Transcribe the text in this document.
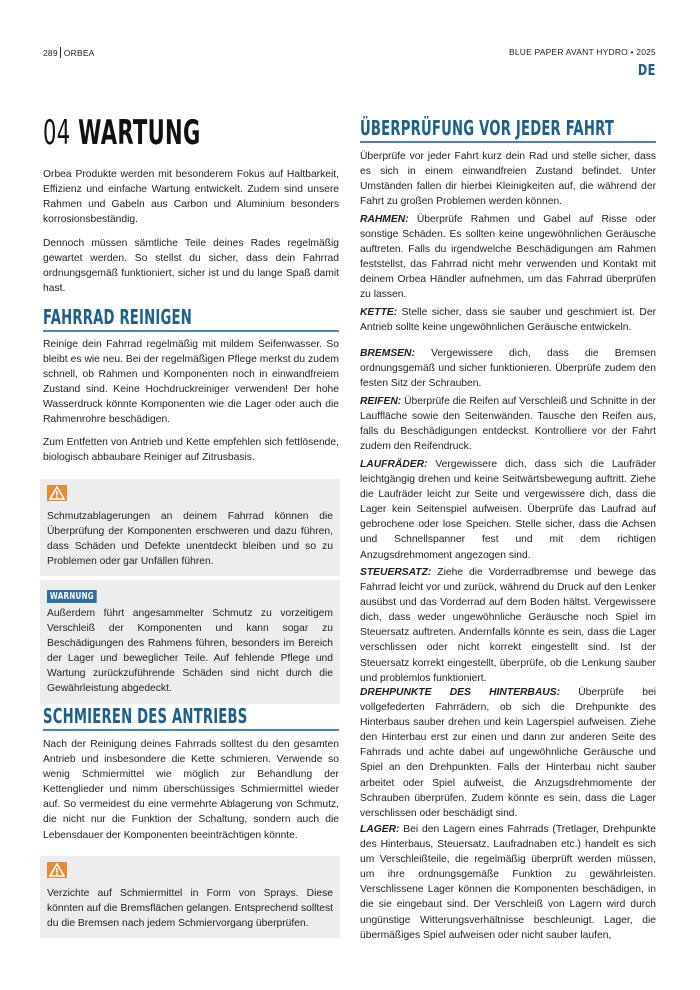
289 ORBEA	BLUE PAPER AVANT HYDRO • 2025
DE
04 WARTUNG

Orbea Produkte werden mit besonderem Fokus auf Haltbarkeit, Effizienz und einfache Wartung entwickelt. Zudem sind unsere Rahmen und Gabeln aus Carbon und Aluminium besonders korrosionsbeständig.

Dennoch müssen sämtliche Teile deines Rades regelmäßig gewartet werden. So stellst du sicher, dass dein Fahrrad ordnungsgemäß funktioniert, sicher ist und du lange Spaß damit hast.

FAHRRAD REINIGEN

Reinige dein Fahrrad regelmäßig mit mildem Seifenwasser. So bleibt es wie neu. Bei der regelmäßigen Pflege merkst du zudem schnell, ob Rahmen und Komponenten noch in einwandfreiem Zustand sind. Keine Hochdruckreiniger verwenden! Der hohe Wasserdruck könnte Komponenten wie die Lager oder auch die Rahmenrohre beschädigen.

Zum Entfetten von Antrieb und Kette empfehlen sich fettlösende, biologisch abbaubare Reiniger auf Zitrusbasis.

Schmutzablagerungen an deinem Fahrrad können die Überprüfung der Komponenten erschweren und dazu führen, dass Schäden und Defekte unentdeckt bleiben und so zu Problemen oder gar Unfällen führen.

WARNUNG

Außerdem führt angesammelter Schmutz zu vorzeitigem Verschleiß der Komponenten und kann sogar zu Beschädigungen des Rahmens führen, besonders im Bereich der Lager und beweglicher Teile. Auf fehlende Pflege und Wartung zurückzuführende Schäden sind nicht durch die Gewährleistung abgedeckt.

SCHMIEREN DES ANTRIEBS

Nach der Reinigung deines Fahrrads solltest du den gesamten Antrieb und insbesondere die Kette schmieren. Verwende so wenig Schmiermittel wie möglich zur Behandlung der Kettenglieder und nimm überschüssiges Schmiermittel wieder auf. So vermeidest du eine vermehrte Ablagerung von Schmutz, die nicht nur die Funktion der Schaltung, sondern auch die Lebensdauer der Komponenten beeinträchtigen könnte.

Verzichte auf Schmiermittel in Form von Sprays. Diese könnten auf die Bremsflächen gelangen. Entsprechend solltest du die Bremsen nach jedem Schmiervorgang überprüfen.

ÜBERPRÜFUNG VOR JEDER FAHRT

Überprüfe vor jeder Fahrt kurz dein Rad und stelle sicher, dass es sich in einem einwandfreien Zustand befindet. Unter Umständen fallen dir hierbei Kleinigkeiten auf, die während der Fahrt zu großen Problemen werden können.

RAHMEN: Überprüfe Rahmen und Gabel auf Risse oder sonstige Schäden. Es sollten keine ungewöhnlichen Geräusche auftreten. Falls du irgendwelche Beschädigungen am Rahmen feststellst, das Fahrrad nicht mehr verwenden und Kontakt mit deinem Orbea Händler aufnehmen, um das Fahrrad überprüfen zu lassen.

KETTE: Stelle sicher, dass sie sauber und geschmiert ist. Der Antrieb sollte keine ungewöhnlichen Geräusche entwickeln.

BREMSEN: Vergewissere dich, dass die Bremsen ordnungsgemäß und sicher funktionieren. Überprüfe zudem den festen Sitz der Schrauben.

REIFEN: Überprüfe die Reifen auf Verschleiß und Schnitte in der Lauffläche sowie den Seitenwänden. Tausche den Reifen aus, falls du Beschädigungen entdeckst. Kontrolliere vor der Fahrt zudem den Reifendruck.

LAUFRÄDER: Vergewissere dich, dass sich die Laufräder leichtgängig drehen und keine Seitwärtsbewegung auftritt. Ziehe die Laufräder leicht zur Seite und vergewissere dich, dass die Lager kein Seitenspiel aufweisen. Überprüfe das Laufrad auf gebrochene oder lose Speichen. Stelle sicher, dass die Achsen und Schnellspanner fest und mit dem richtigen Anzugsdrehmoment angezogen sind.

STEUERSATZ: Ziehe die Vorderradbremse und bewege das Fahrrad leicht vor und zurück, während du Druck auf den Lenker ausübst und das Vorderrad auf dem Boden hältst. Vergewissere dich, dass weder ungewöhnliche Geräusche noch Spiel im Steuersatz auftreten. Andernfalls könnte es sein, dass die Lager verschlissen oder nicht korrekt eingestellt sind. Ist der Steuersatz korrekt eingestellt, überprüfe, ob die Lenkung sauber und problemlos funktioniert.

DREHPUNKTE DES HINTERBAUS: Überprüfe bei vollgefederten Fahrrädern, ob sich die Drehpunkte des Hinterbaus sauber drehen und kein Lagerspiel aufweisen. Ziehe den Hinterbau erst zur einen und dann zur anderen Seite des Fahrrads und achte dabei auf ungewöhnliche Geräusche und Spiel an den Drehpunkten. Falls der Hinterbau nicht sauber arbeitet oder Spiel aufweist, die Anzugsdrehmomente der Schrauben überprüfen. Zudem könnte es sein, dass die Lager verschlissen oder beschädigt sind.

LAGER: Bei den Lagern eines Fahrrads (Tretlager, Drehpunkte des Hinterbaus, Steuersatz, Laufradnaben etc.) handelt es sich um Verschleißteile, die regelmäßig überprüft werden müssen, um ihre ordnungsgemäße Funktion zu gewährleisten. Verschlissene Lager können die Komponenten beschädigen, in die sie eingebaut sind. Der Verschleiß von Lagern wird durch ungünstige Witterungsverhältnisse beschleunigt. Lager, die übermäßiges Spiel aufweisen oder nicht sauber laufen,
